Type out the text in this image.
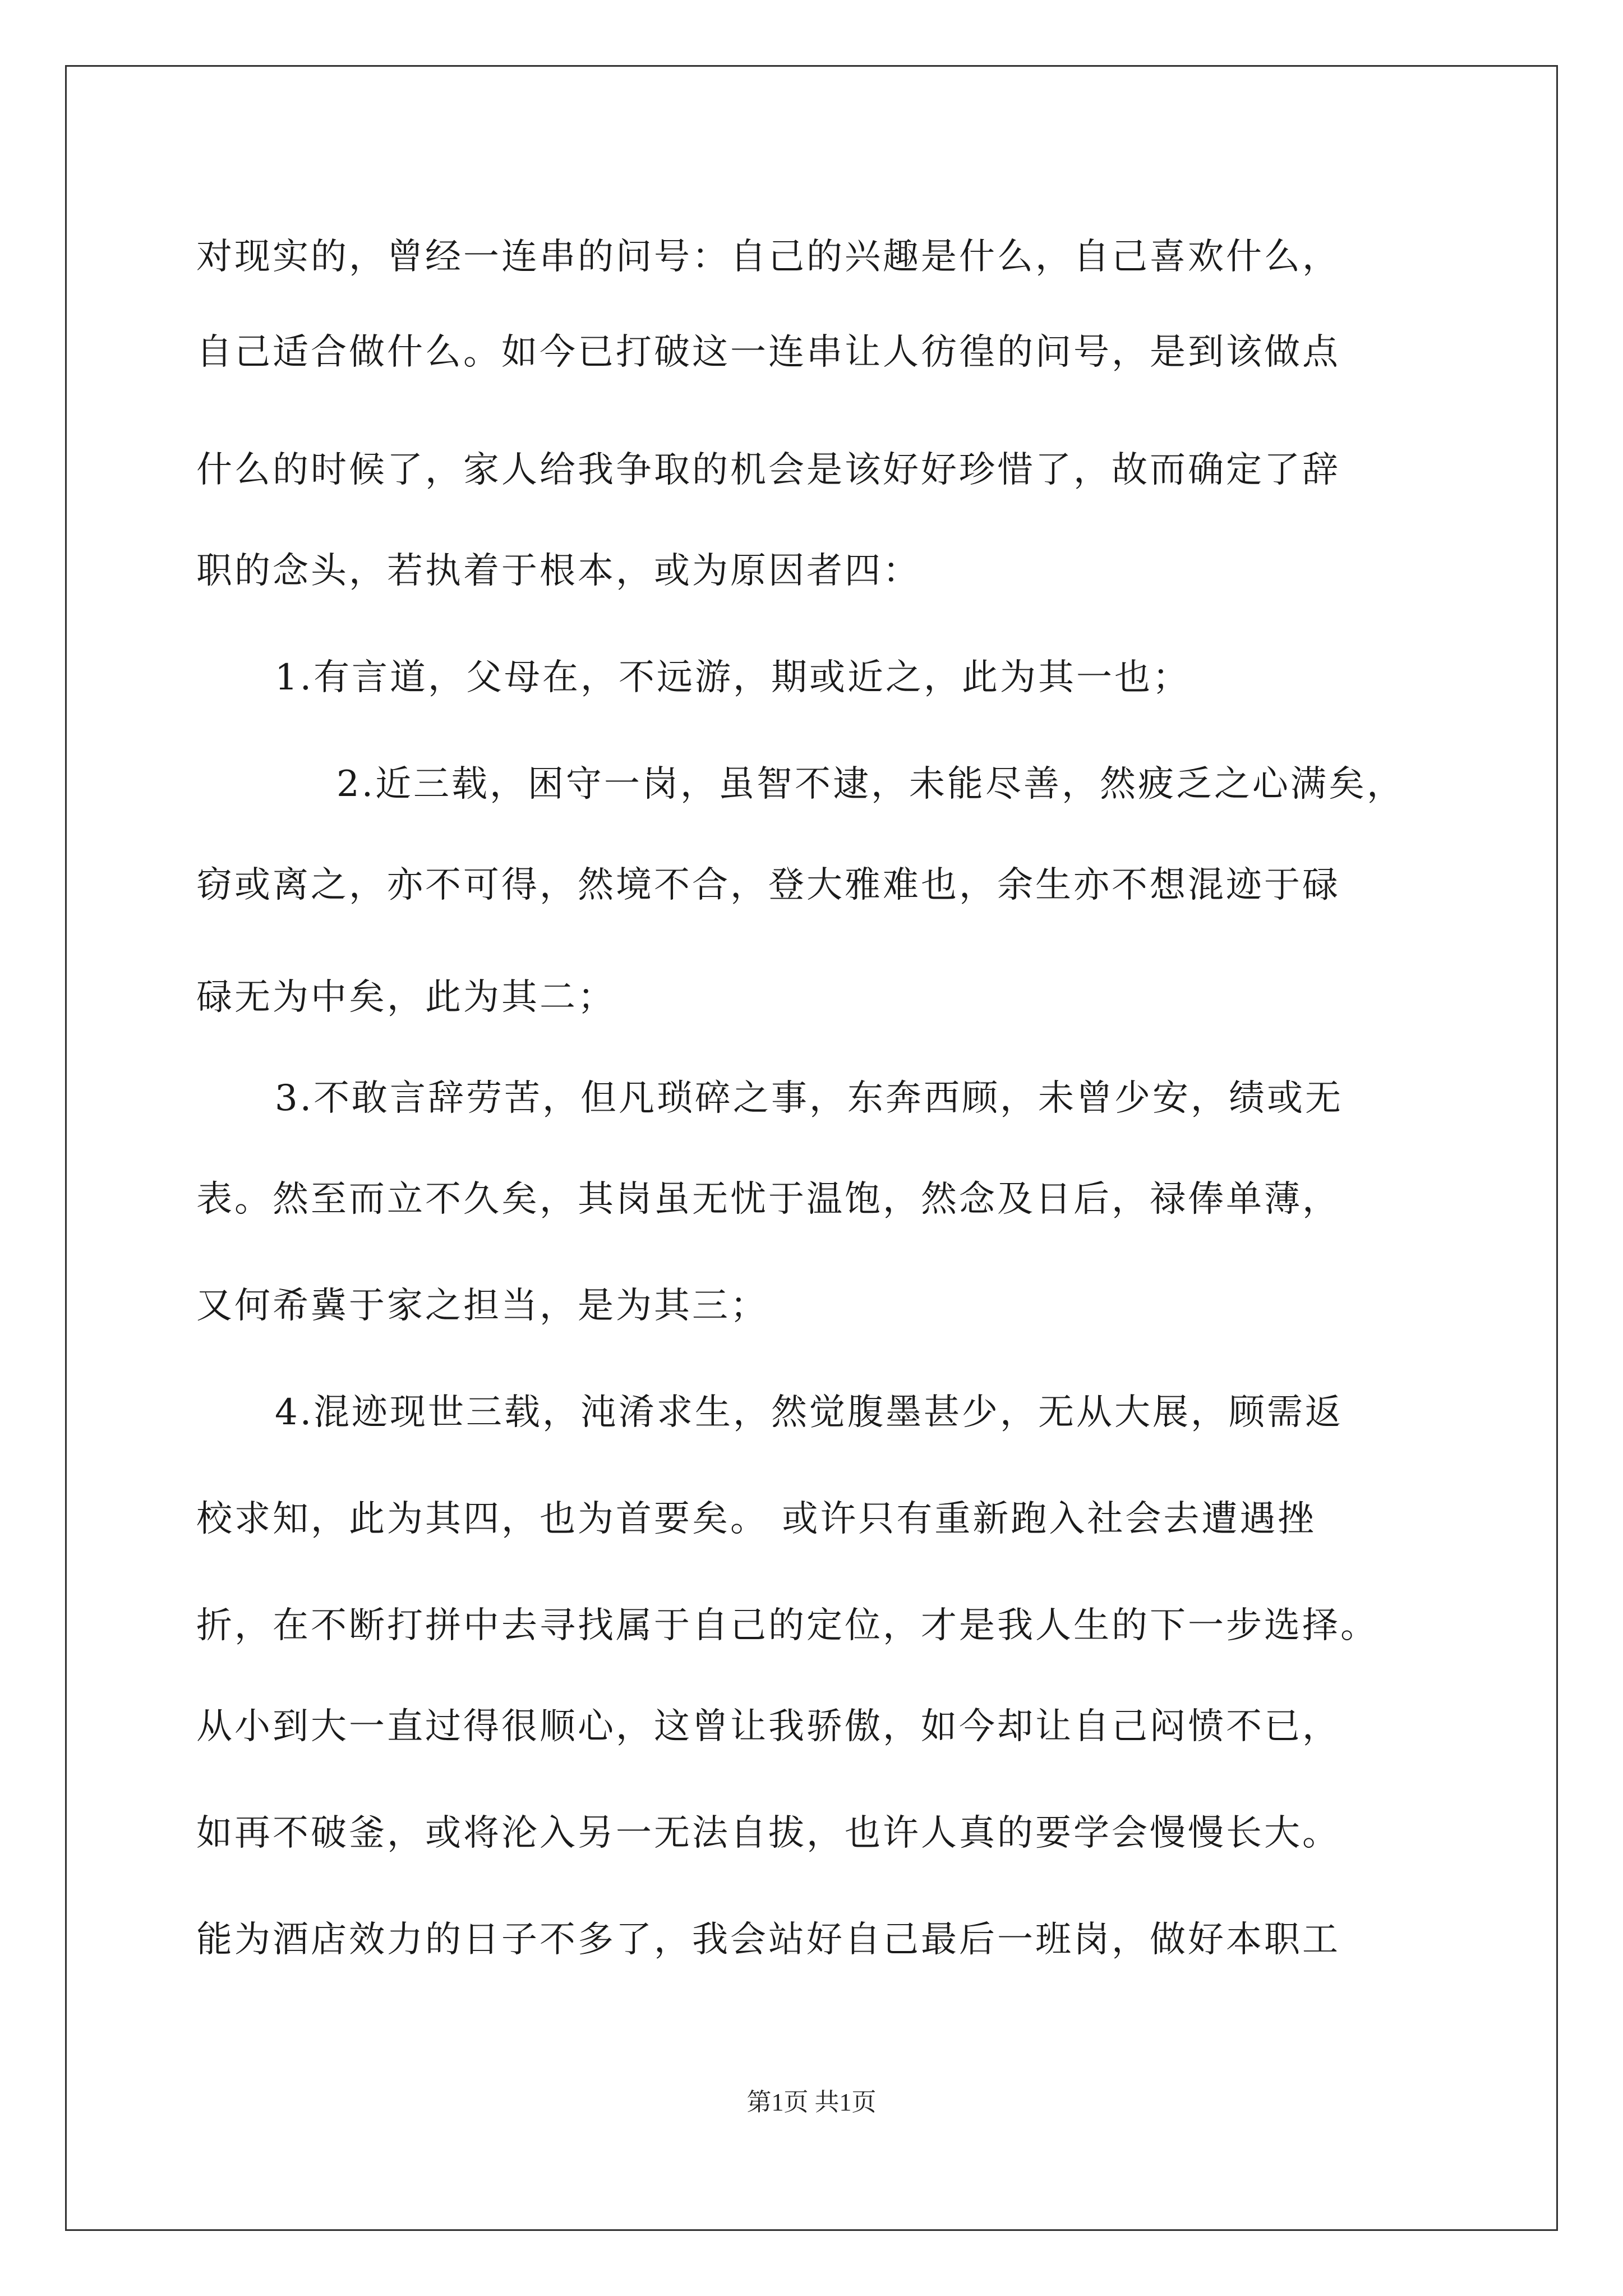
对现实的，曾经一连串的问号：自己的兴趣是什么，自己喜欢什么，
自己适合做什么。如今已打破这一连串让人彷徨的问号，是到该做点
什么的时候了，家人给我争取的机会是该好好珍惜了，故而确定了辞
职的念头，若执着于根本，或为原因者四：
1.有言道，父母在，不远游，期或近之，此为其一也；
2.近三载，困守一岗，虽智不逮，未能尽善，然疲乏之心满矣，
窃或离之，亦不可得，然境不合，登大雅难也，余生亦不想混迹于碌
碌无为中矣，此为其二；
3.不敢言辞劳苦，但凡琐碎之事，东奔西顾，未曾少安，绩或无
表。然至而立不久矣，其岗虽无忧于温饱，然念及日后，禄俸单薄，
又何希冀于家之担当，是为其三；
4.混迹现世三载，沌淆求生，然觉腹墨甚少，无从大展，顾需返
校求知，此为其四，也为首要矣。 或许只有重新跑入社会去遭遇挫
折，在不断打拼中去寻找属于自己的定位，才是我人生的下一步选择。
从小到大一直过得很顺心，这曾让我骄傲，如今却让自己闷愤不已，
如再不破釜，或将沦入另一无法自拔，也许人真的要学会慢慢长大。
能为酒店效力的日子不多了，我会站好自己最后一班岗，做好本职工
第1页 共1页
